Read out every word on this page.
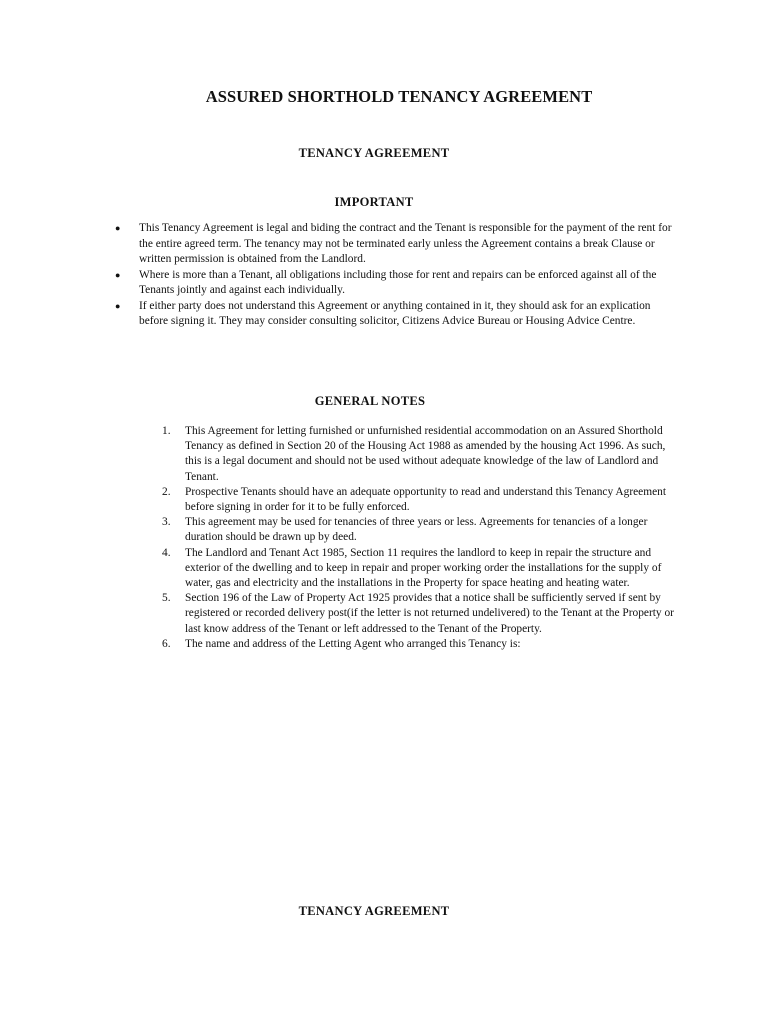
ASSURED SHORTHOLD TENANCY AGREEMENT
TENANCY AGREEMENT
IMPORTANT
● This Tenancy Agreement is legal and biding the contract and the Tenant is responsible for the payment of the rent for the entire agreed term. The tenancy may not be terminated early unless the Agreement contains a break Clause or written permission is obtained from the Landlord.
● Where is more than a Tenant, all obligations including those for rent and repairs can be enforced against all of the Tenants jointly and against each individually.
● If either party does not understand this Agreement or anything contained in it, they should ask for an explication before signing it. They may consider consulting solicitor, Citizens Advice Bureau or Housing Advice Centre.
GENERAL NOTES
1. This Agreement for letting furnished or unfurnished residential accommodation on an Assured Shorthold Tenancy as defined in Section 20 of the Housing Act 1988 as amended by the housing Act 1996. As such, this is a legal document and should not be used without adequate knowledge of the law of Landlord and Tenant.
2. Prospective Tenants should have an adequate opportunity to read and understand this Tenancy Agreement before signing in order for it to be fully enforced.
3. This agreement may be used for tenancies of three years or less. Agreements for tenancies of a longer duration should be drawn up by deed.
4. The Landlord and Tenant Act 1985, Section 11 requires the landlord to keep in repair the structure and exterior of the dwelling and to keep in repair and proper working order the installations for the supply of water, gas and electricity and the installations in the Property for space heating and heating water.
5. Section 196 of the Law of Property Act 1925 provides that a notice shall be sufficiently served if sent by registered or recorded delivery post(if the letter is not returned undelivered) to the Tenant at the Property or last know address of the Tenant or left addressed to the Tenant of the Property.
6. The name and address of the Letting Agent who arranged this Tenancy is:
TENANCY AGREEMENT
